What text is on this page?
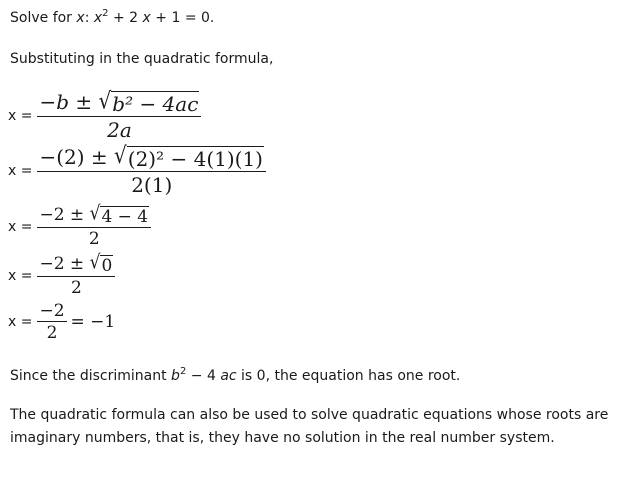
Solve for x: $x^2 + 2$ x + 1 = 0.
Substituting in the quadratic formula,
$x = \frac{\text{−b ± √ b² − 4ac}}{2a}$
$x = \frac{\text{−(2) ± √ (2)² − 4(1)(1)}}{2(1)}$
$x = \frac{-2 \pm √ 4 - 4}{2}$
$x = \frac{-2 \pm √ 0}{2}$
$x = \frac{-2}{2} = -1$
Since the discriminant $b^2 - 4$ ac is 0, the equation has one root.
The quadratic formula can also be used to solve quadratic equations whose roots are imaginary numbers, that is, they have no solution in the real number system.
